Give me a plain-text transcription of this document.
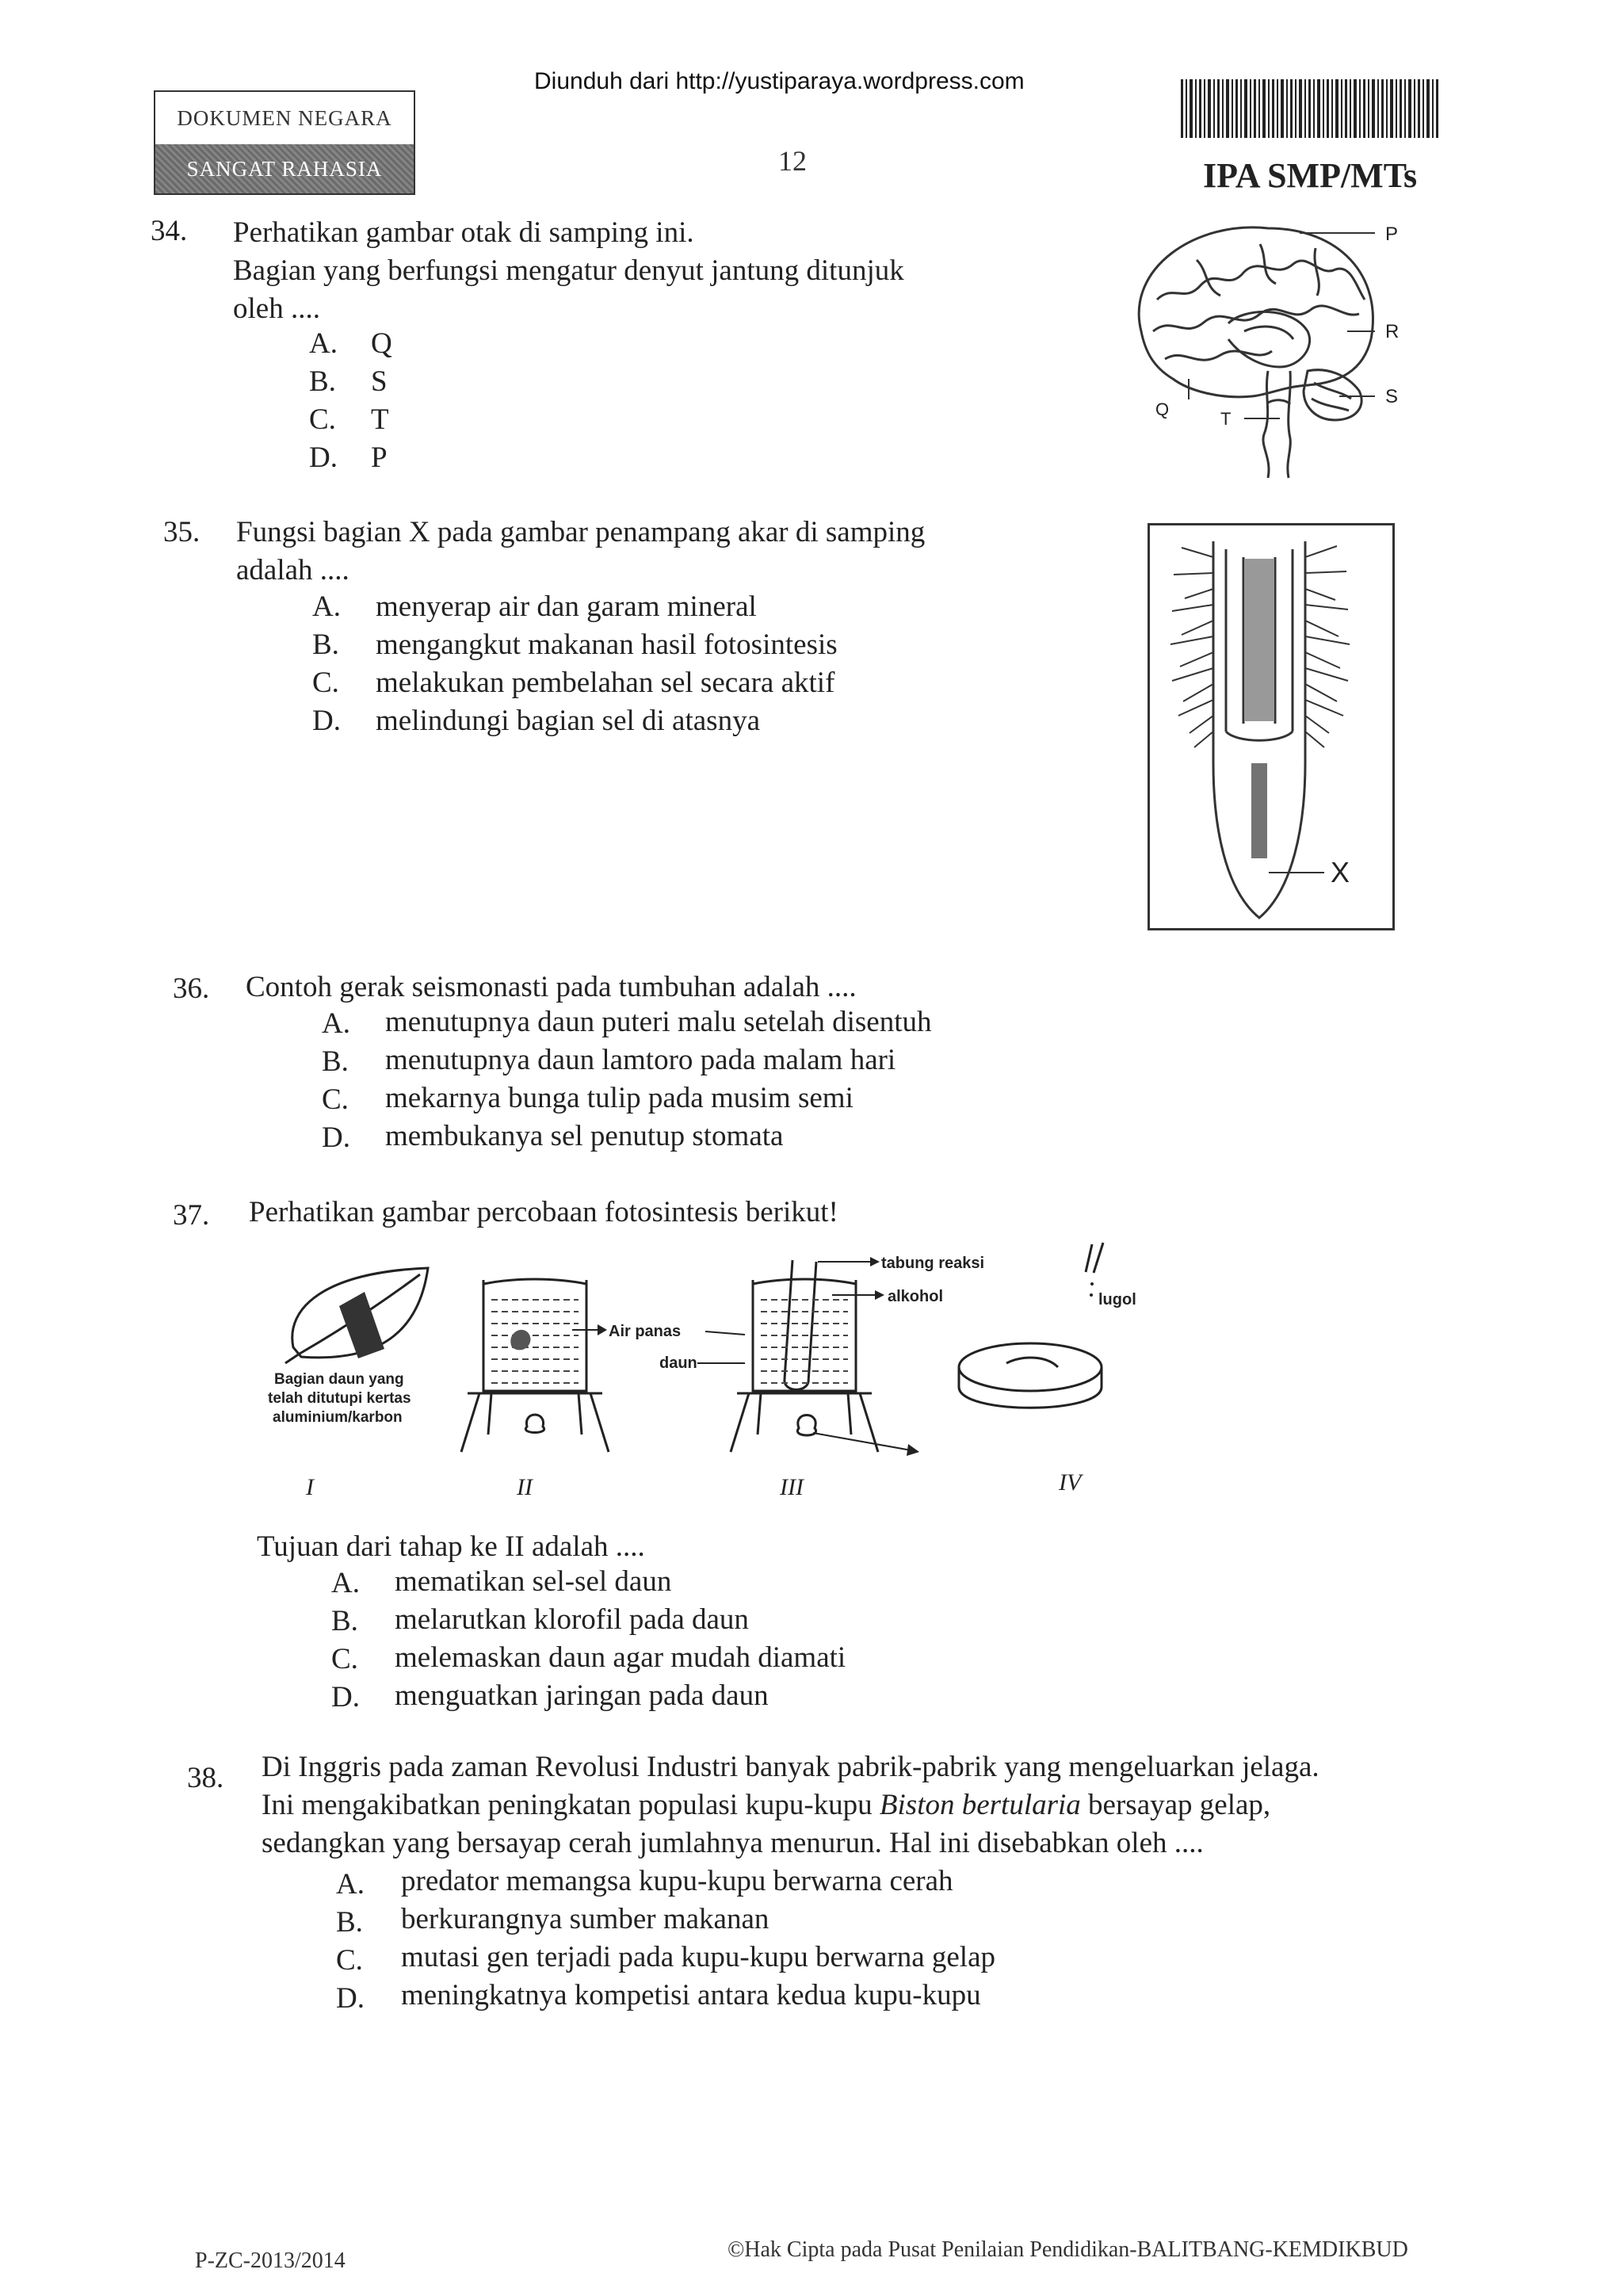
Diunduh dari http://yustiparaya.wordpress.com
DOKUMEN NEGARA
SANGAT RAHASIA	12	IPA SMP/MTs
34. Perhatikan gambar otak di samping ini.
Bagian yang berfungsi mengatur denyut jantung ditunjuk
oleh ....
A. Q
B. S
C. T
D. P
P
R
S
Q	T
35. Fungsi bagian X pada gambar penampang akar di samping
adalah ....
A. menyerap air dan garam mineral
B. mengangkut makanan hasil fotosintesis
C. melakukan pembelahan sel secara aktif
D. melindungi bagian sel di atasnya
X
36. Contoh gerak seismonasti pada tumbuhan adalah ....
A. menutupnya daun puteri malu setelah disentuh
B. menutupnya daun lamtoro pada malam hari
C. mekarnya bunga tulip pada musim semi
D. membukanya sel penutup stomata
37. Perhatikan gambar percobaan fotosintesis berikut!
Bagian daun yang
telah ditutupi kertas
aluminium/karbon
Air panas
daun
tabung reaksi
alkohol	lugol
I	II	III	IV
Tujuan dari tahap ke II adalah ....
A. mematikan sel-sel daun
B. melarutkan klorofil pada daun
C. melemaskan daun agar mudah diamati
D. menguatkan jaringan pada daun
38. Di Inggris pada zaman Revolusi Industri banyak pabrik-pabrik yang mengeluarkan jelaga.
Ini mengakibatkan peningkatan populasi kupu-kupu Biston bertularia bersayap gelap,
sedangkan yang bersayap cerah jumlahnya menurun. Hal ini disebabkan oleh ....
A. predator memangsa kupu-kupu berwarna cerah
B. berkurangnya sumber makanan
C. mutasi gen terjadi pada kupu-kupu berwarna gelap
D. meningkatnya kompetisi antara kedua kupu-kupu
P-ZC-2013/2014	©Hak Cipta pada Pusat Penilaian Pendidikan-BALITBANG-KEMDIKBUD
